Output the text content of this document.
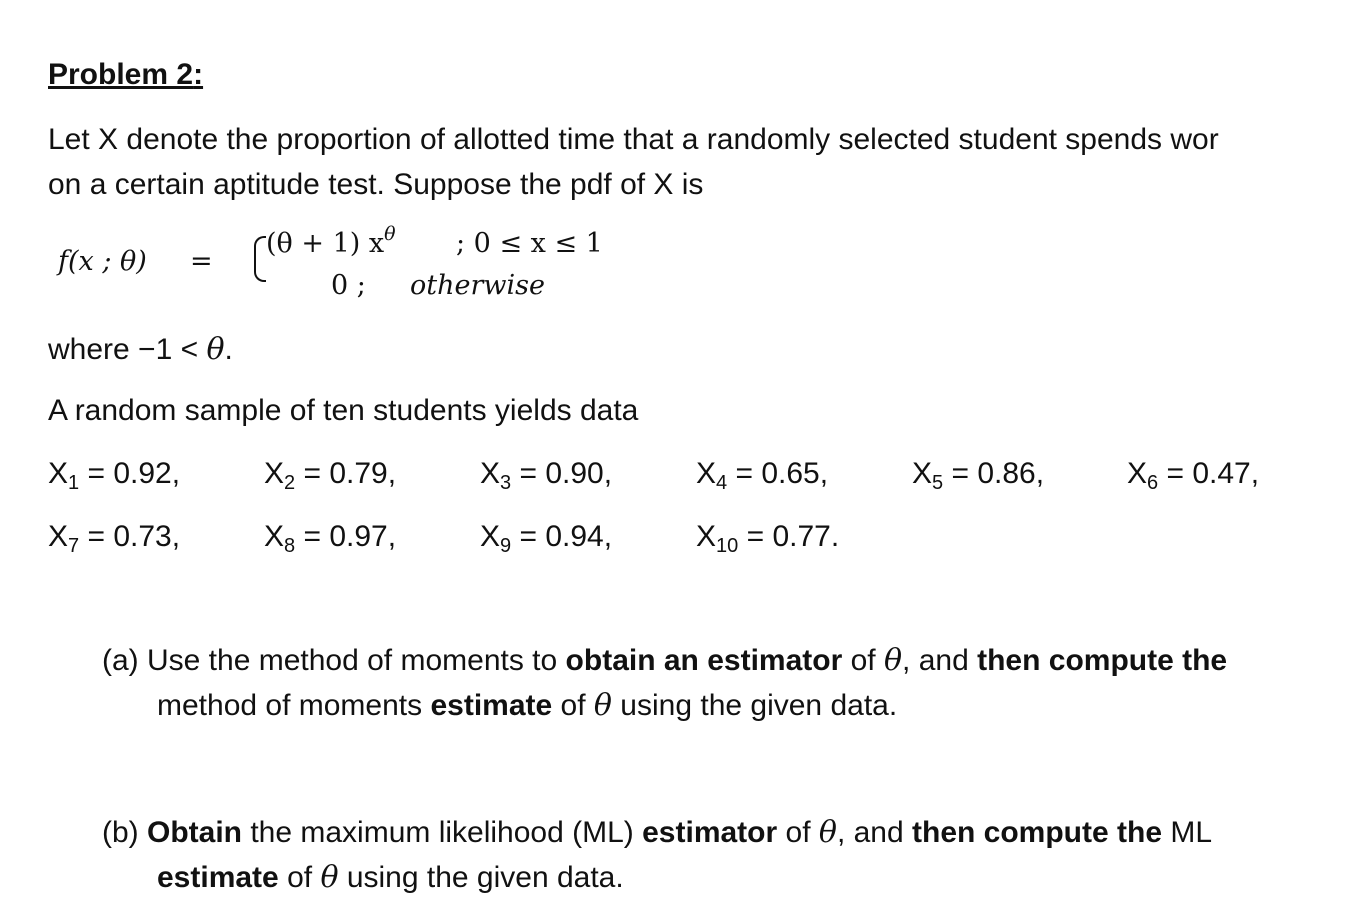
Problem 2:
Let X denote the proportion of allotted time that a randomly selected student spends wor
on a certain aptitude test. Suppose the pdf of X is
f(x ; θ) =
(θ + 1) $x^\theta$ ; 0 ≤ x ≤ 1
0 ; otherwise
where −1 < θ.
A random sample of ten students yields data
$X_1 = 0.92$,	$X_2 = 0.79$,	$X_3 = 0.90$,	$X_4 = 0.65$,	$X_5 = 0.86$,	$X_6 = 0.47$,
$X_7 = 0.73$,	$X_8 = 0.97$,	$X_9 = 0.94$,	$X_{10} = 0.77$.
(a) Use the method of moments to obtain an estimator of θ, and then compute the
method of moments estimate of θ using the given data.
(b) Obtain the maximum likelihood (ML) estimator of θ, and then compute the ML
estimate of θ using the given data.
